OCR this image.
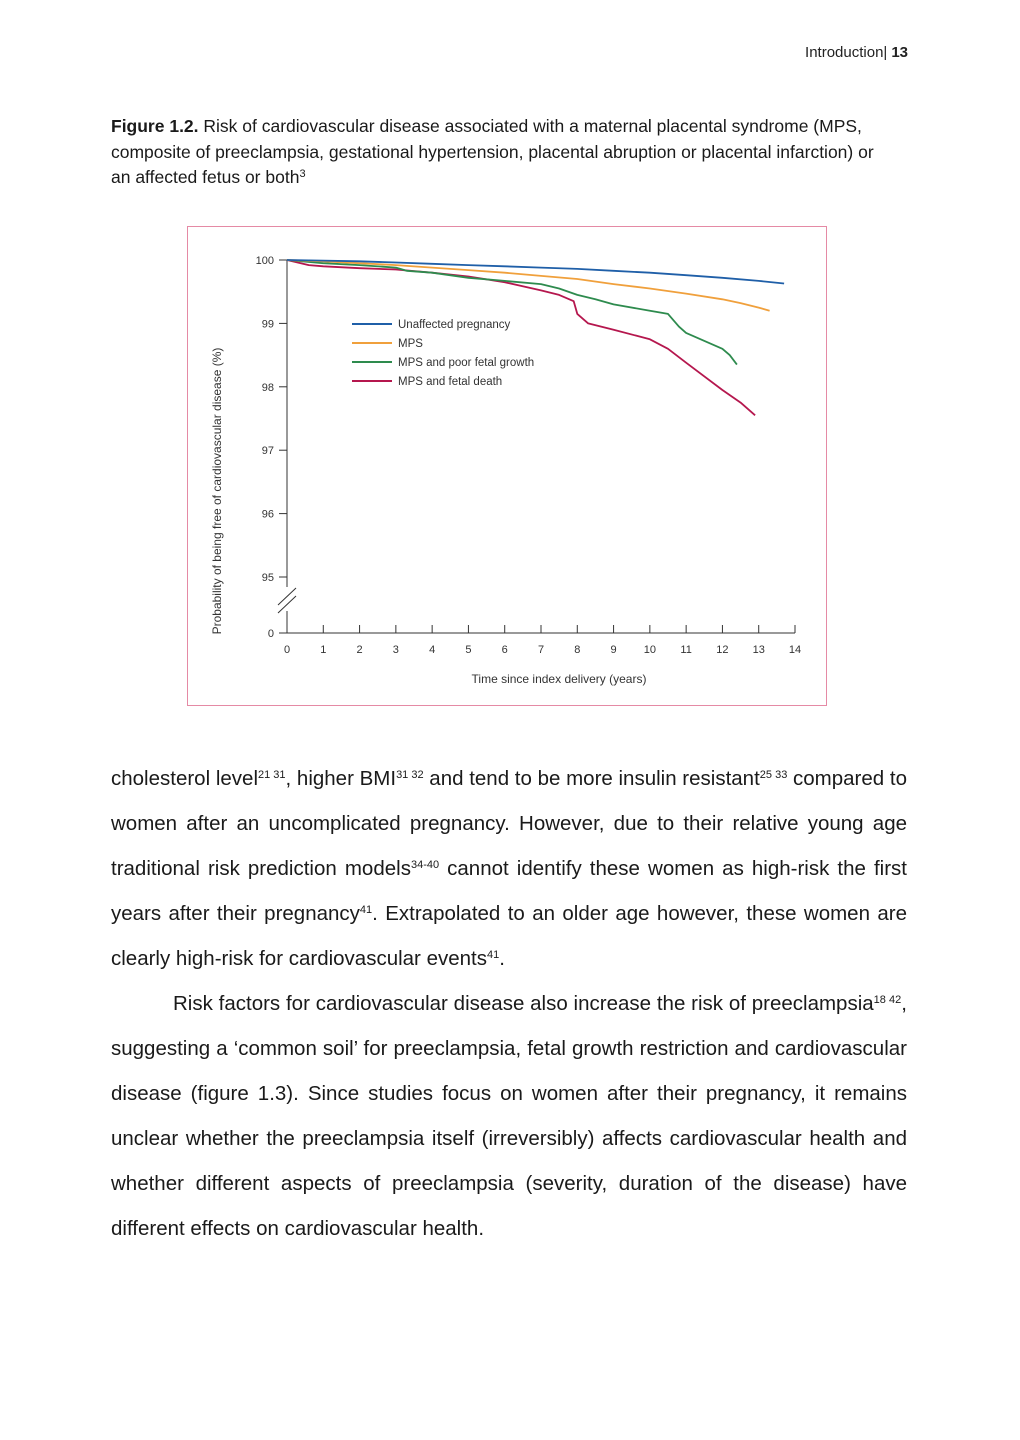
Introduction| 13
Figure 1.2. Risk of cardiovascular disease associated with a maternal placental syndrome (MPS, composite of preeclampsia, gestational hypertension, placental abruption or placental infarction) or an affected fetus or both$^3$
100
99
98
97
96
95
0
0	1	2	3	4	5	6	7	8	9 10 11 12 13 14
Unaffected pregnancy
MPS
MPS and poor fetal growth
MPS and fetal death
Probability of being free of cardiovascular disease (%)
Time since index delivery (years)

cholesterol level$^{21 31}$, higher $BMI^{31 32}$ and tend to be more insulin resistant$^{25 33}$ compared to women after an uncomplicated pregnancy. However, due to their relative young age traditional risk prediction models$^{34-40}$ cannot identify these women as high-risk the first years after their pregnancy$^{41}$. Extrapolated to an older age however, these women are clearly high-risk for cardiovascular events$^{41}$.

Risk factors for cardiovascular disease also increase the risk of preeclampsia$^{18 42}$, suggesting a ‘common soil’ for preeclampsia, fetal growth restriction and cardiovascular disease (figure 1.3). Since studies focus on women after their pregnancy, it remains unclear whether the preeclampsia itself (irreversibly) affects cardiovascular health and whether different aspects of preeclampsia (severity, duration of the disease) have different effects on cardiovascular health.
